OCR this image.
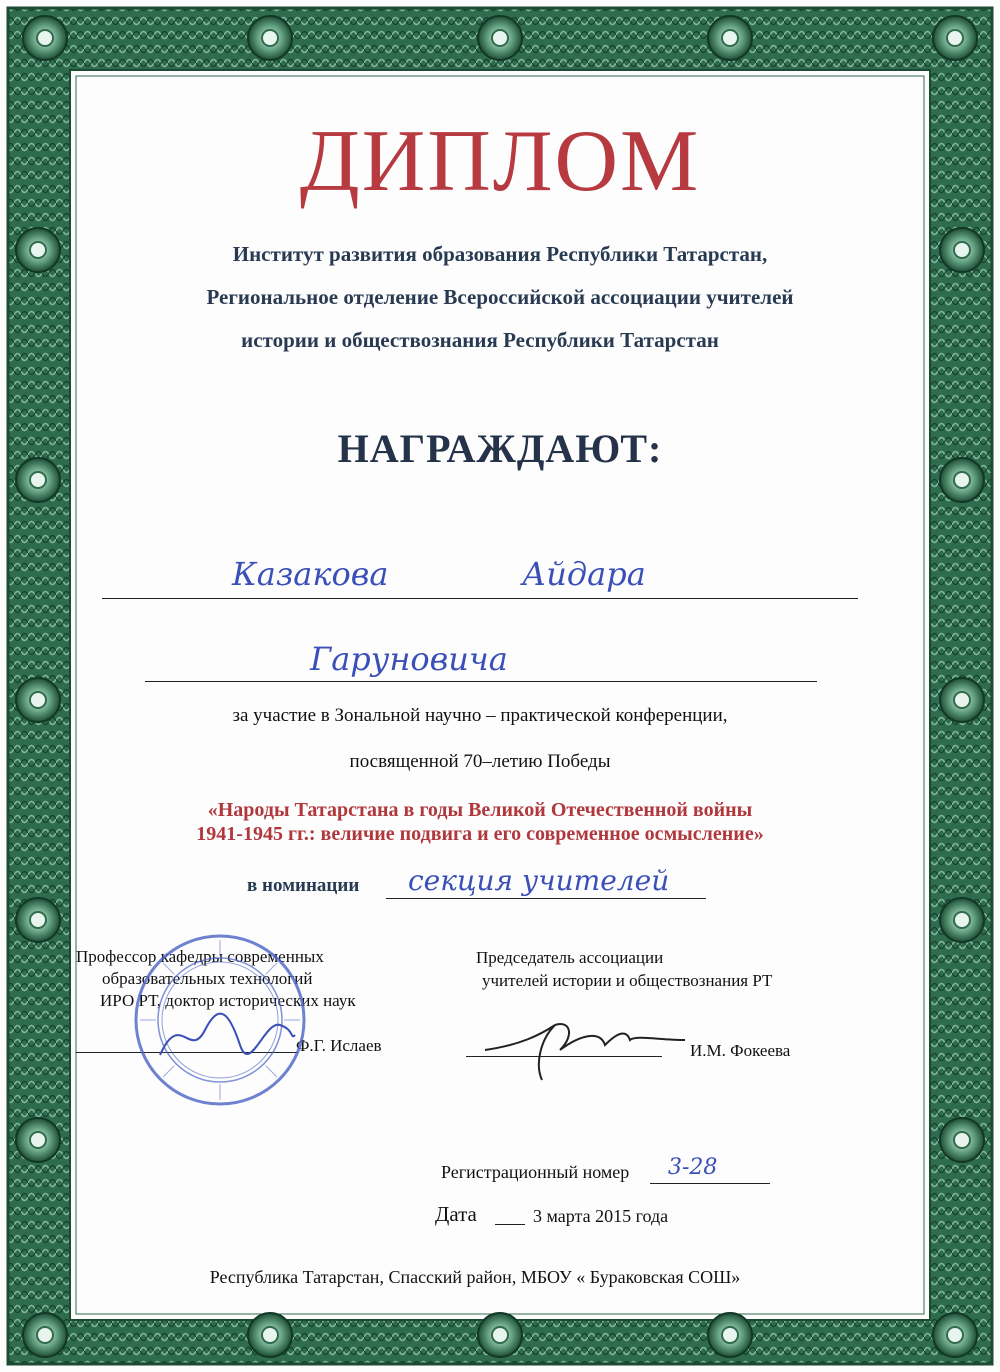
ДИПЛОМ
Институт развития образования Республики Татарстан,
Региональное отделение Всероссийской ассоциации учителей
истории и обществознания Республики Татарстан
НАГРАЖДАЮТ:
Казакова	Айдара
Гаруновича
за участие в Зональной научно – практической конференции,
посвященной 70–летию Победы
«Народы Татарстана в годы Великой Отечественной войны
1941-1945 гг.: величие подвига и его современное осмысление»
в номинации секция учителей
Профессор кафедры современных
образовательных технологий
ИРО РТ, доктор исторических наук
Ф.Г. Ислаев
Председатель ассоциации
учителей истории и обществознания РТ
И.М. Фокеева
Регистрационный номер 3-28
Дата	3 марта 2015 года
Республика Татарстан, Спасский район, МБОУ « Бураковская СОШ»
